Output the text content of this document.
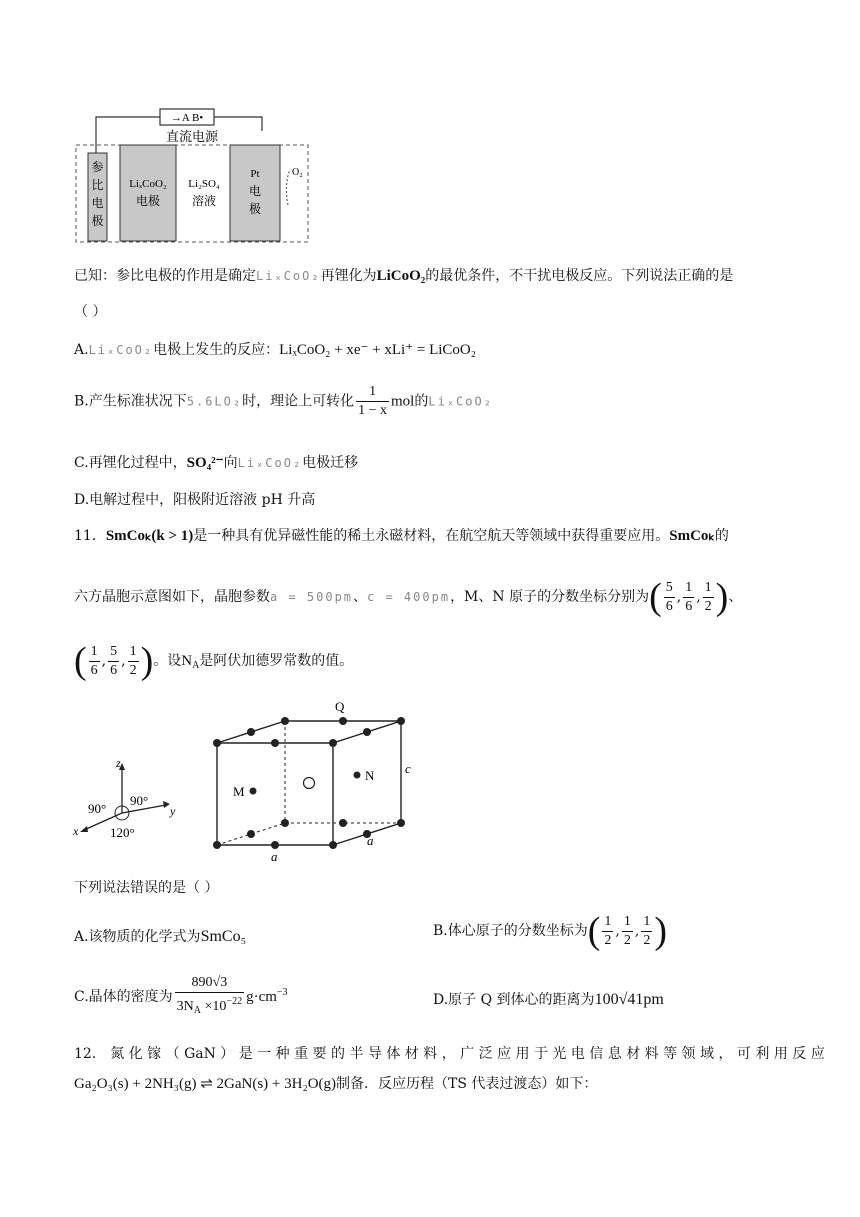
→A B•
直流电源
参
比
电
极
LiₓCoO₂
电极
Li₂SO₄
溶液
Pt
电
极
O₂
已知：参比电极的作用是确定LiₓCoO₂再锂化为LiCoO₂的最优条件，不干扰电极反应。下列说法正确的是
（ ）
A.LiₓCoO₂电极上发生的反应：LiₓCoO₂ + xe⁻ + xLi⁺ = LiCoO₂
B.产生标准状况下5.6LO₂时，理论上可转化 $\frac{1}{1 - x}$ mol的LiₓCoO₂
C.再锂化过程中，SO₄²⁻向LiₓCoO₂电极迁移
D.电解过程中，阳极附近溶液 pH 升高
11．SmCoₖ(k > 1)是一种具有优异磁性能的稀土永磁材料，在航空航天等领域中获得重要应用。SmCoₖ的
六方晶胞示意图如下，晶胞参数a = 500pm、c = 400pm，M、N 原子的分数坐标分别为( $\frac{5}{6}$ , $\frac{1}{6}$ , $\frac{1}{2}$ )、
( $\frac{1}{6}$ , $\frac{5}{6}$ , $\frac{1}{2}$ )。设$N_A$是阿伏加德罗常数的值。
z
y
x
90°
90°
120°
Q
M
N c
a
a
下列说法错误的是（ ）
A.该物质的化学式为SmCo₅	B.体心原子的分数坐标为( $\frac{1}{2}$ , $\frac{1}{2}$ , $\frac{1}{2}$ )
C.晶体的密度为 $\frac{890√3}{3N_A \times 10^{-22}} g\cdot cm^{-3}$	D.原子 Q 到体心的距离为100√41pm
12． 氮 化 镓 （ GaN ） 是 一 种 重 要 的 半 导 体 材 料 ， 广 泛 应 用 于 光 电 信 息 材 料 等 领 域 ， 可 利 用 反 应
Ga₂O₃(s) + 2NH₃(g) ⇌ 2GaN(s) + 3H₂O(g)制备．反应历程（TS 代表过渡态）如下：
